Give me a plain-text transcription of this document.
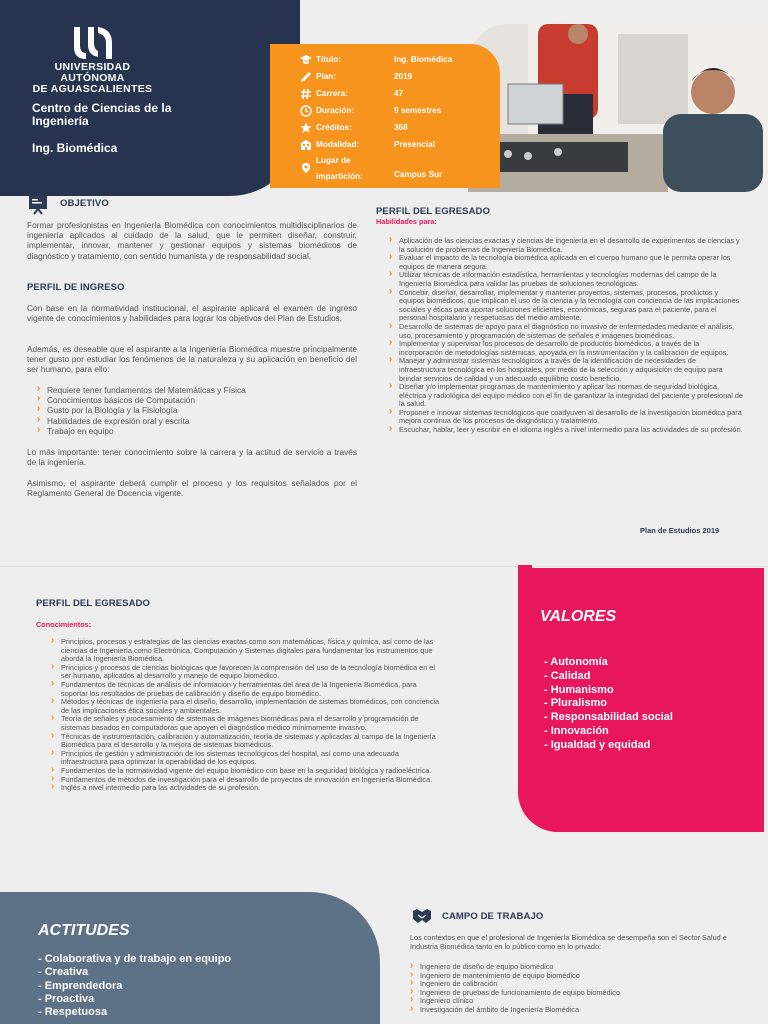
UNIVERSIDAD AUTÓNOMA
DE AGUASCALIENTES
Centro de Ciencias de la Ingeniería
Ing. Biomédica
Título:	Ing. Biomédica
Plan:	2019
Carrera:	47
Duración:	9 semestres
Créditos:	368
Modalidad:	Presencial
Lugar de impartición:	Campus Sur
OBJETIVO
Formar profesionistas en Ingeniería Biomédica con conocimientos multidisciplinarios de ingeniería aplicados al cuidado de la salud, que le permiten diseñar, construir, implementar, innovar, mantener y gestionar equipos y sistemas biomédicos de diagnóstico y tratamiento, con sentido humanista y de responsabilidad social.
PERFIL DE INGRESO
Con base en la normatividad institucional, el aspirante aplicará el examen de ingreso vigente de conocimientos y habilidades para lograr los objetivos del Plan de Estudios.
Además, es deseable que el aspirante a la Ingeniería Biomédica muestre principalmente tener gusto por estudiar los fenómenos de la naturaleza y su aplicación en beneficio del ser humano, para ello:
› Requiere tener fundamentos del Matemáticas y Física
› Conocimientos básicos de Computación
› Gusto por la Biología y la Fisiología
› Habilidades de expresión oral y escrita
› Trabajo en equipo
Lo más importante: tener conocimiento sobre la carrera y la actitud de servicio a través de la ingeniería.
Asimismo, el aspirante deberá cumplir el proceso y los requisitos señalados por el Reglamento General de Docencia vigente.
PERFIL DEL EGRESADO
Habilidades para:
› Aplicación de las ciencias exactas y ciencias de ingeniería en el desarrollo de experimentos de ciencias y la solución de problemas de Ingeniería Biomédica.
› Evaluar el impacto de la tecnología biomédica aplicada en el cuerpo humano que le permita operar los equipos de manera segura.
› Utilizar técnicas de información estadística, herramientas y tecnologías modernas del campo de la Ingeniería Biomédica para validar las pruebas de soluciones tecnológicas.
› Concebir, diseñar, desarrollar, implementar y mantener proyectos, sistemas, procesos, productos y equipos biomédicos, que implican el uso de la ciencia y la tecnología con conciencia de las implicaciones sociales y éticas para aportar soluciones eficientes, económicas, seguras para el paciente, para el personal hospitalario y respetuosas del medio ambiente.
› Desarrollo de sistemas de apoyo para el diagnóstico no invasivo de enfermedades mediante el análisis, uso, procesamiento y programación de sistemas de señales e imágenes biomédicas.
› Implementar y supervisar los procesos de desarrollo de productos biomédicos, a través de la incorporación de metodologías sistémicas, apoyada en la instrumentación y la calibración de equipos.
› Manejar y administrar sistemas tecnológicos a través de la identificación de necesidades de infraestructura tecnológica en los hospitales, por medio de la selección y adquisición de equipo para brindar servicios de calidad y un adecuado equilibrio costo beneficio.
› Diseñar y/o implementar programas de mantenimiento y aplicar las normas de seguridad biológica, eléctrica y radiológica del equipo médico con el fin de garantizar la integridad del paciente y profesional de la salud.
› Proponer e innovar sistemas tecnológicos que coadyuven al desarrollo de la investigación biomédica para mejora continua de los procesos de diagnóstico y tratamiento.
› Escuchar, hablar, leer y escribir en el idioma inglés a nivel intermedio para las actividades de su profesión.
Plan de Estudios 2019
PERFIL DEL EGRESADO
Conocimientos:
› Principios, procesos y estrategias de las ciencias exactas como son matemáticas, física y química, así como de las ciencias de Ingeniería como Electrónica, Computación y Sistemas digitales para fundamentar los instrumentos que aborda la Ingeniería Biomédica.
› Principios y procesos de ciencias biológicas que favorecen la comprensión del uso de la tecnología biomédica en el ser humano, aplicados al desarrollo y manejo de equipo biomédico.
› Fundamentos de técnicas de análisis de información y herramientas del área de la Ingeniería Biomédica, para soportar los resultados de pruebas de calibración y diseño de equipo biomédico.
› Métodos y técnicas de ingeniería para el diseño, desarrollo, implementación de sistemas biomédicos, con conciencia de las implicaciones ética sociales y ambientales.
› Teoría de señales y procesamiento de sistemas de imágenes biomédicas para el desarrollo y programación de sistemas basados en computadoras que apoyen el diagnóstico médico mínimamente invasivo.
› Técnicas de instrumentación, calibración y automatización, teoría de sistemas y aplicadas al campo de la Ingeniería Biomédica para el desarrollo y la mejora de sistemas biomédicos.
› Principios de gestión y administración de los sistemas tecnológicos del hospital, así como una adecuada infraestructura para optimizar la operabilidad de los equipos.
› Fundamentos de la normatividad vigente del equipo biomédico con base en la seguridad biológica y radioeléctrica.
› Fundamentos de métodos de investigación para el desarrollo de proyectos de innovación en Ingeniería Biomédica.
› Inglés a nivel intermedio para las actividades de su profesión.
VALORES
- Autonomía
- Calidad
- Humanismo
- Pluralismo
- Responsabilidad social
- Innovación
- Igualdad y equidad
ACTITUDES
- Colaborativa y de trabajo en equipo
- Creativa
- Emprendedora
- Proactiva
- Respetuosa
CAMPO DE TRABAJO
Los contextos en que el profesional de Ingeniería Biomédica se desempeña son el Sector Salud e Industria Biomédica tanto en lo público como en lo privado:
› Ingeniero de diseño de equipo biomédico
› Ingeniero de mantenimiento de equipo biomédico
› Ingeniero de calibración
› Ingeniero de pruebas de funcionamiento de equipo biomédico
› Ingeniero clínico
› Investigación del ámbito de Ingeniería Biomédica
